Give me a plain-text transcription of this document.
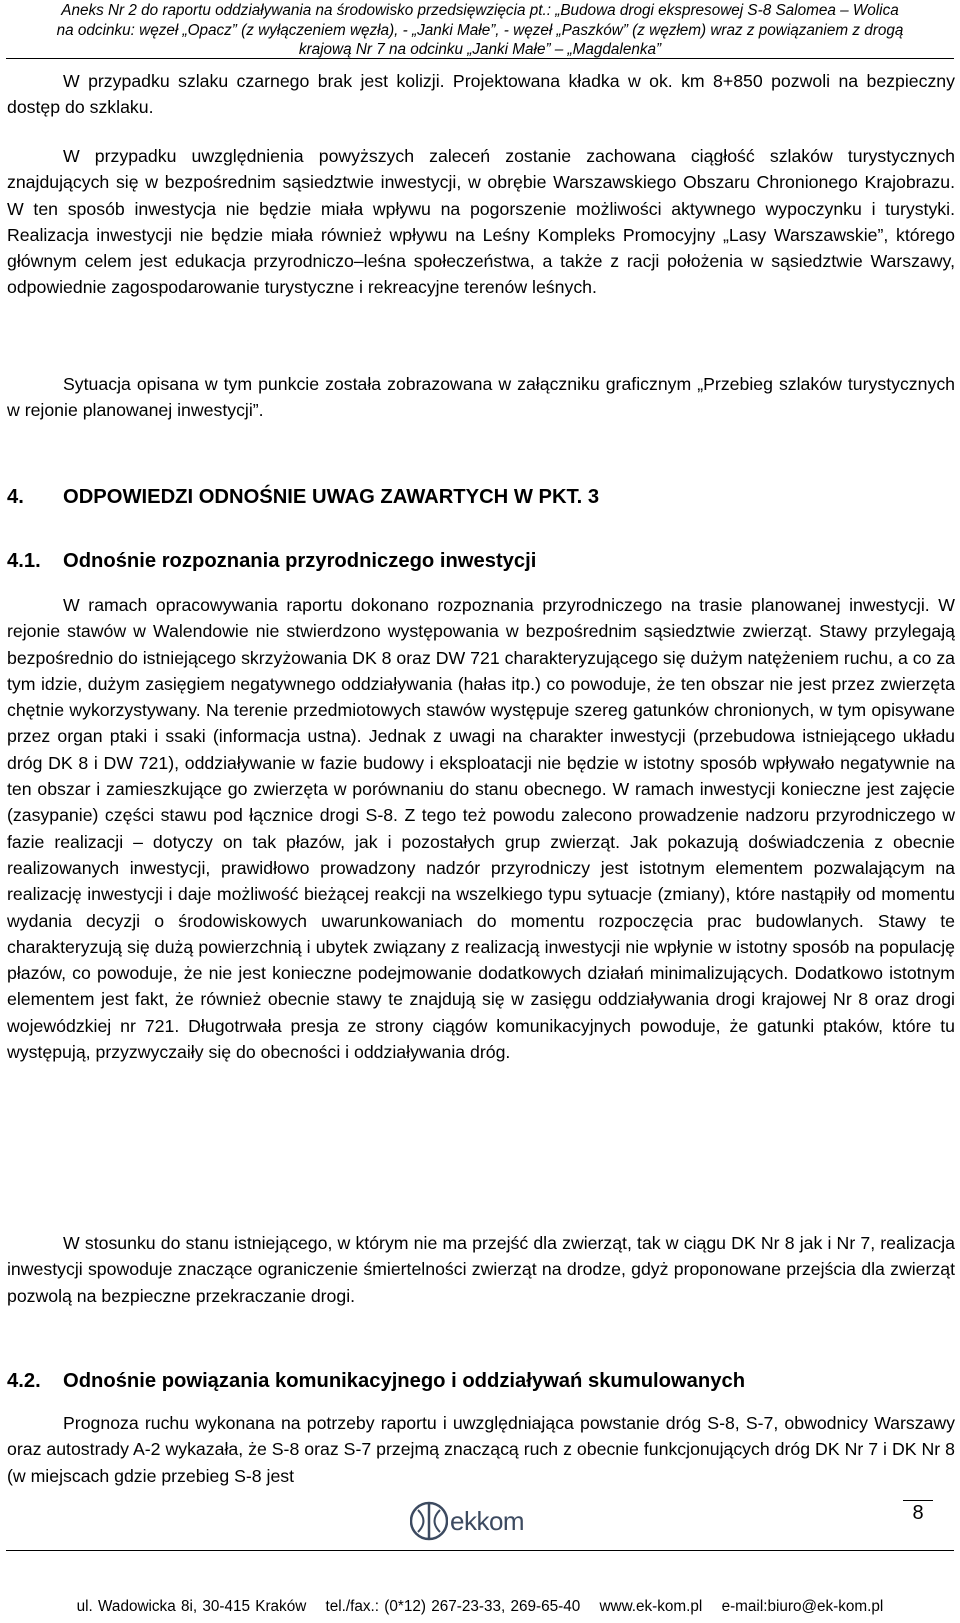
Aneks Nr 2 do raportu oddziaływania na środowisko przedsięwzięcia pt.: „Budowa drogi ekspresowej S-8 Salomea – Wolica
na odcinku: węzeł „Opacz” (z wyłączeniem węzła), - „Janki Małe”, - węzeł „Paszków” (z węzłem) wraz z powiązaniem z drogą
krajową Nr 7 na odcinku „Janki Małe” – „Magdalenka”

W przypadku szlaku czarnego brak jest kolizji. Projektowana kładka w ok. km 8+850 pozwoli na bezpieczny dostęp do szklaku.

W przypadku uwzględnienia powyższych zaleceń zostanie zachowana ciągłość szlaków turystycznych znajdujących się w bezpośrednim sąsiedztwie inwestycji, w obrębie Warszawskiego Obszaru Chronionego Krajobrazu. W ten sposób inwestycja nie będzie miała wpływu na pogorszenie możliwości aktywnego wypoczynku i turystyki. Realizacja inwestycji nie będzie miała również wpływu na Leśny Kompleks Promocyjny „Lasy Warszawskie”, którego głównym celem jest edukacja przyrodniczo–leśna społeczeństwa, a także z racji położenia w sąsiedztwie Warszawy, odpowiednie zagospodarowanie turystyczne i rekreacyjne terenów leśnych.

Sytuacja opisana w tym punkcie została zobrazowana w załączniku graficznym „Przebieg szlaków turystycznych w rejonie planowanej inwestycji”.

4. ODPOWIEDZI ODNOŚNIE UWAG ZAWARTYCH W PKT. 3
4.1. Odnośnie rozpoznania przyrodniczego inwestycji

W ramach opracowywania raportu dokonano rozpoznania przyrodniczego na trasie planowanej inwestycji. W rejonie stawów w Walendowie nie stwierdzono występowania w bezpośrednim sąsiedztwie zwierząt. Stawy przylegają bezpośrednio do istniejącego skrzyżowania DK 8 oraz DW 721 charakteryzującego się dużym natężeniem ruchu, a co za tym idzie, dużym zasięgiem negatywnego oddziaływania (hałas itp.) co powoduje, że ten obszar nie jest przez zwierzęta chętnie wykorzystywany. Na terenie przedmiotowych stawów występuje szereg gatunków chronionych, w tym opisywane przez organ ptaki i ssaki (informacja ustna). Jednak z uwagi na charakter inwestycji (przebudowa istniejącego układu dróg DK 8 i DW 721), oddziaływanie w fazie budowy i eksploatacji nie będzie w istotny sposób wpływało negatywnie na ten obszar i zamieszkujące go zwierzęta w porównaniu do stanu obecnego. W ramach inwestycji konieczne jest zajęcie (zasypanie) części stawu pod łącznice drogi S-8. Z tego też powodu zalecono prowadzenie nadzoru przyrodniczego w fazie realizacji – dotyczy on tak płazów, jak i pozostałych grup zwierząt. Jak pokazują doświadczenia z obecnie realizowanych inwestycji, prawidłowo prowadzony nadzór przyrodniczy jest istotnym elementem pozwalającym na realizację inwestycji i daje możliwość bieżącej reakcji na wszelkiego typu sytuacje (zmiany), które nastąpiły od momentu wydania decyzji o środowiskowych uwarunkowaniach do momentu rozpoczęcia prac budowlanych. Stawy te charakteryzują się dużą powierzchnią i ubytek związany z realizacją inwestycji nie wpłynie w istotny sposób na populację płazów, co powoduje, że nie jest konieczne podejmowanie dodatkowych działań minimalizujących. Dodatkowo istotnym elementem jest fakt, że również obecnie stawy te znajdują się w zasięgu oddziaływania drogi krajowej Nr 8 oraz drogi wojewódzkiej nr 721. Długotrwała presja ze strony ciągów komunikacyjnych powoduje, że gatunki ptaków, które tu występują, przyzwyczaiły się do obecności i oddziaływania dróg.

W stosunku do stanu istniejącego, w którym nie ma przejść dla zwierząt, tak w ciągu DK Nr 8 jak i Nr 7, realizacja inwestycji spowoduje znaczące ograniczenie śmiertelności zwierząt na drodze, gdyż proponowane przejścia dla zwierząt pozwolą na bezpieczne przekraczanie drogi.

4.2. Odnośnie powiązania komunikacyjnego i oddziaływań skumulowanych

Prognoza ruchu wykonana na potrzeby raportu i uwzględniająca powstanie dróg S-8, S-7, obwodnicy Warszawy oraz autostrady A-2 wykazała, że S-8 oraz S-7 przejmą znaczącą ruch z obecnie funkcjonujących dróg DK Nr 7 i DK Nr 8 (w miejscach gdzie przebieg S-8 jest

ekkom	8
ul. Wadowicka 8i, 30-415 Kraków tel./fax.: (0*12) 267-23-33, 269-65-40 www.ek-kom.pl e-mail:biuro@ek-kom.pl
